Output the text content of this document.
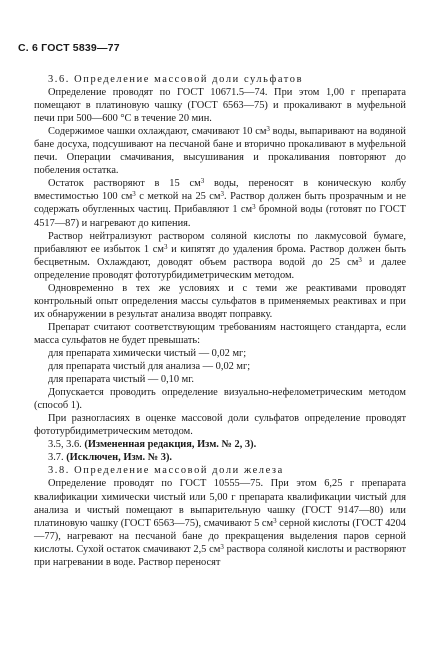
С. 6 ГОСТ 5839—77

3.6. Определение массовой доли сульфатов

Определение проводят по ГОСТ 10671.5—74. При этом 1,00 г препарата помещают в платиновую чашку (ГОСТ 6563—75) и прокаливают в муфельной печи при 500—600 °С в течение 20 мин.

Содержимое чашки охлаждают, смачивают 10 $см^3$ воды, выпаривают на водяной бане досуха, подсушивают на песчаной бане и вторично прокаливают в муфельной печи. Операции смачивания, высушивания и прокаливания повторяют до побеления остатка.

Остаток растворяют в 15 $см^3$ воды, переносят в коническую колбу вместимостью 100 $см^3$ с меткой на 25 $см^3$. Раствор должен быть прозрачным и не содержать обугленных частиц. Прибавляют 1 $см^3$ бромной воды (готовят по ГОСТ 4517—87) и нагревают до кипения.

Раствор нейтрализуют раствором соляной кислоты по лакмусовой бумаге, прибавляют ее избыток 1 $см^3$ и кипятят до удаления брома. Раствор должен быть бесцветным. Охлаждают, доводят объем раствора водой до 25 $см^3$ и далее определение проводят фототурбидиметрическим методом.

Одновременно в тех же условиях и с теми же реактивами проводят контрольный опыт определения массы сульфатов в применяемых реактивах и при их обнаружении в результат анализа вводят поправку.

Препарат считают соответствующим требованиям настоящего стандарта, если масса сульфатов не будет превышать:

для препарата химически чистый — 0,02 мг;

для препарата чистый для анализа — 0,02 мг;

для препарата чистый — 0,10 мг.

Допускается проводить определение визуально-нефелометрическим методом (способ 1).

При разногласиях в оценке массовой доли сульфатов определение проводят фототурбидиметрическим методом.

3.5, 3.6. (Измененная редакция, Изм. № 2, 3).

3.7. (Исключен, Изм. № 3).

3.8. Определение массовой доли железа

Определение проводят по ГОСТ 10555—75. При этом 6,25 г препарата квалификации химически чистый или 5,00 г препарата квалификации чистый для анализа и чистый помещают в выпарительную чашку (ГОСТ 9147—80) или платиновую чашку (ГОСТ 6563—75), смачивают 5 $см^3$ серной кислоты (ГОСТ 4204—77), нагревают на песчаной бане до прекращения выделения паров серной кислоты. Сухой остаток смачивают 2,5 $см^3$ раствора соляной кислоты и растворяют при нагревании в воде. Раствор переносят
